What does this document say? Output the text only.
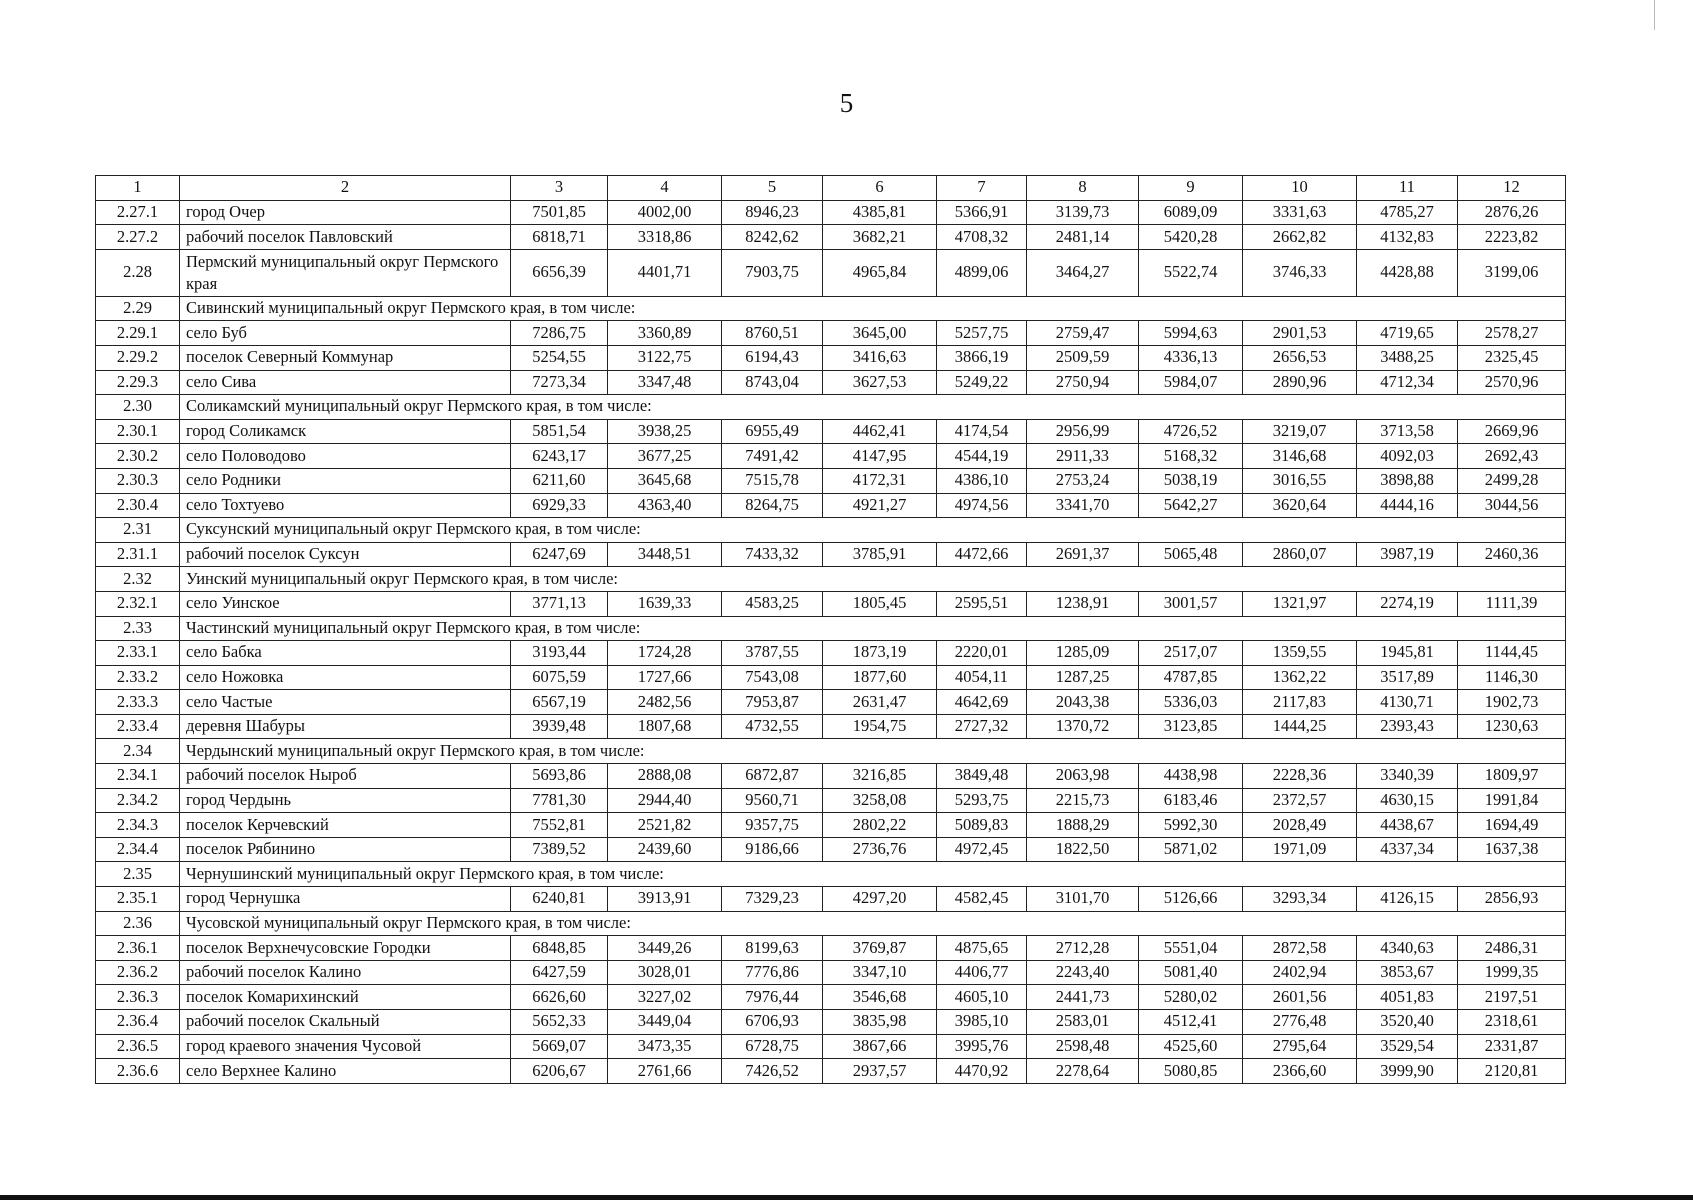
5
1	2	3	4	5	6	7	8	9	10	11	12
2.27.1	город Очер	7501,85	4002,00	8946,23	4385,81	5366,91	3139,73	6089,09	3331,63	4785,27	2876,26
2.27.2	рабочий поселок Павловский	6818,71	3318,86	8242,62	3682,21	4708,32	2481,14	5420,28	2662,82	4132,83	2223,82
2.28	Пермский муниципальный округ Пермского края	6656,39	4401,71	7903,75	4965,84	4899,06	3464,27	5522,74	3746,33	4428,88	3199,06
2.29	Сивинский муниципальный округ Пермского края, в том числе:										
2.29.1	село Буб	7286,75	3360,89	8760,51	3645,00	5257,75	2759,47	5994,63	2901,53	4719,65	2578,27
2.29.2	поселок Северный Коммунар	5254,55	3122,75	6194,43	3416,63	3866,19	2509,59	4336,13	2656,53	3488,25	2325,45
2.29.3	село Сива	7273,34	3347,48	8743,04	3627,53	5249,22	2750,94	5984,07	2890,96	4712,34	2570,96
2.30	Соликамский муниципальный округ Пермского края, в том числе:										
2.30.1	город Соликамск	5851,54	3938,25	6955,49	4462,41	4174,54	2956,99	4726,52	3219,07	3713,58	2669,96
2.30.2	село Половодово	6243,17	3677,25	7491,42	4147,95	4544,19	2911,33	5168,32	3146,68	4092,03	2692,43
2.30.3	село Родники	6211,60	3645,68	7515,78	4172,31	4386,10	2753,24	5038,19	3016,55	3898,88	2499,28
2.30.4	село Тохтуево	6929,33	4363,40	8264,75	4921,27	4974,56	3341,70	5642,27	3620,64	4444,16	3044,56
2.31	Суксунский муниципальный округ Пермского края, в том числе:										
2.31.1	рабочий поселок Суксун	6247,69	3448,51	7433,32	3785,91	4472,66	2691,37	5065,48	2860,07	3987,19	2460,36
2.32	Уинский муниципальный округ Пермского края, в том числе:										
2.32.1	село Уинское	3771,13	1639,33	4583,25	1805,45	2595,51	1238,91	3001,57	1321,97	2274,19	1111,39
2.33	Частинский муниципальный округ Пермского края, в том числе:										
2.33.1	село Бабка	3193,44	1724,28	3787,55	1873,19	2220,01	1285,09	2517,07	1359,55	1945,81	1144,45
2.33.2	село Ножовка	6075,59	1727,66	7543,08	1877,60	4054,11	1287,25	4787,85	1362,22	3517,89	1146,30
2.33.3	село Частые	6567,19	2482,56	7953,87	2631,47	4642,69	2043,38	5336,03	2117,83	4130,71	1902,73
2.33.4	деревня Шабуры	3939,48	1807,68	4732,55	1954,75	2727,32	1370,72	3123,85	1444,25	2393,43	1230,63
2.34	Чердынский муниципальный округ Пермского края, в том числе:										
2.34.1	рабочий поселок Ныроб	5693,86	2888,08	6872,87	3216,85	3849,48	2063,98	4438,98	2228,36	3340,39	1809,97
2.34.2	город Чердынь	7781,30	2944,40	9560,71	3258,08	5293,75	2215,73	6183,46	2372,57	4630,15	1991,84
2.34.3	поселок Керчевский	7552,81	2521,82	9357,75	2802,22	5089,83	1888,29	5992,30	2028,49	4438,67	1694,49
2.34.4	поселок Рябинино	7389,52	2439,60	9186,66	2736,76	4972,45	1822,50	5871,02	1971,09	4337,34	1637,38
2.35	Чернушинский муниципальный округ Пермского края, в том числе:										
2.35.1	город Чернушка	6240,81	3913,91	7329,23	4297,20	4582,45	3101,70	5126,66	3293,34	4126,15	2856,93
2.36	Чусовской муниципальный округ Пермского края, в том числе:										
2.36.1	поселок Верхнечусовские Городки	6848,85	3449,26	8199,63	3769,87	4875,65	2712,28	5551,04	2872,58	4340,63	2486,31
2.36.2	рабочий поселок Калино	6427,59	3028,01	7776,86	3347,10	4406,77	2243,40	5081,40	2402,94	3853,67	1999,35
2.36.3	поселок Комарихинский	6626,60	3227,02	7976,44	3546,68	4605,10	2441,73	5280,02	2601,56	4051,83	2197,51
2.36.4	рабочий поселок Скальный	5652,33	3449,04	6706,93	3835,98	3985,10	2583,01	4512,41	2776,48	3520,40	2318,61
2.36.5	город краевого значения Чусовой	5669,07	3473,35	6728,75	3867,66	3995,76	2598,48	4525,60	2795,64	3529,54	2331,87
2.36.6	село Верхнее Калино	6206,67	2761,66	7426,52	2937,57	4470,92	2278,64	5080,85	2366,60	3999,90	2120,81
